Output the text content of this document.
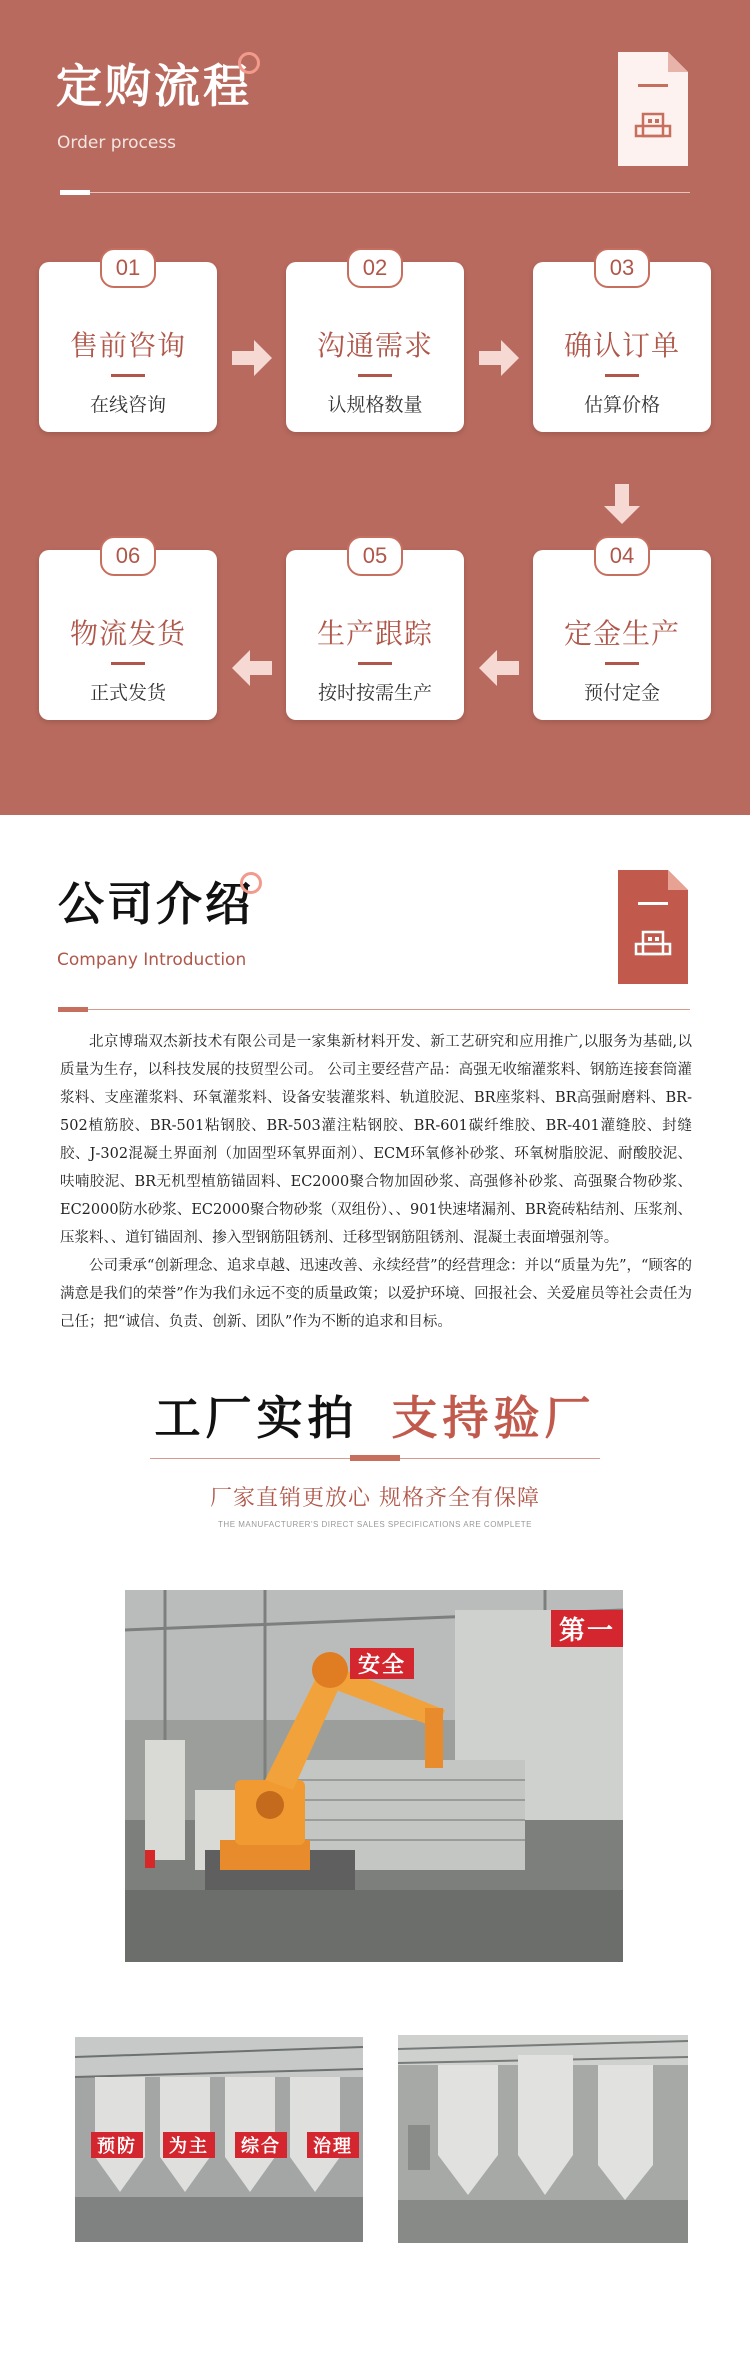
定购流程
Order process
01
售前咨询
在线咨询
02
沟通需求
认规格数量
03
确认订单
估算价格
06
物流发货
正式发货
05
生产跟踪
按时按需生产
04
定金生产
预付定金
公司介绍
Company Introduction

北京博瑞双杰新技术有限公司是一家集新材料开发、新工艺研究和应用推广,以服务为基础,以质量为生存，以科技发展的技贸型公司。 公司主要经营产品：高强无收缩灌浆料、钢筋连接套筒灌浆料、支座灌浆料、环氧灌浆料、设备安装灌浆料、轨道胶泥、BR座浆料、BR高强耐磨料、BR-502植筋胶、BR-501粘钢胶、BR-503灌注粘钢胶、BR-601碳纤维胶、BR-401灌缝胶、封缝胶、J-302混凝土界面剂（加固型环氧界面剂）、ECM环氧修补砂浆、环氧树脂胶泥、耐酸胶泥、呋喃胶泥、BR无机型植筋锚固料、EC2000聚合物加固砂浆、高强修补砂浆、高强聚合物砂浆、EC2000防水砂浆、EC2000聚合物砂浆（双组份）、、901快速堵漏剂、BR瓷砖粘结剂、压浆剂、压浆料、、道钉锚固剂、掺入型钢筋阻锈剂、迁移型钢筋阻锈剂、混凝土表面增强剂等。

公司秉承“创新理念、追求卓越、迅速改善、永续经营”的经营理念：并以“质量为先”，“顾客的满意是我们的荣誉”作为我们永远不变的质量政策；以爱护环境、回报社会、关爱雇员等社会责任为己任；把“诚信、负责、创新、团队”作为不断的追求和目标。

工厂实拍 支持验厂
厂家直销更放心 规格齐全有保障
THE MANUFACTURER'S DIRECT SALES SPECIFICATIONS ARE COMPLETE
第一
安全
预防	为主	综合	治理
